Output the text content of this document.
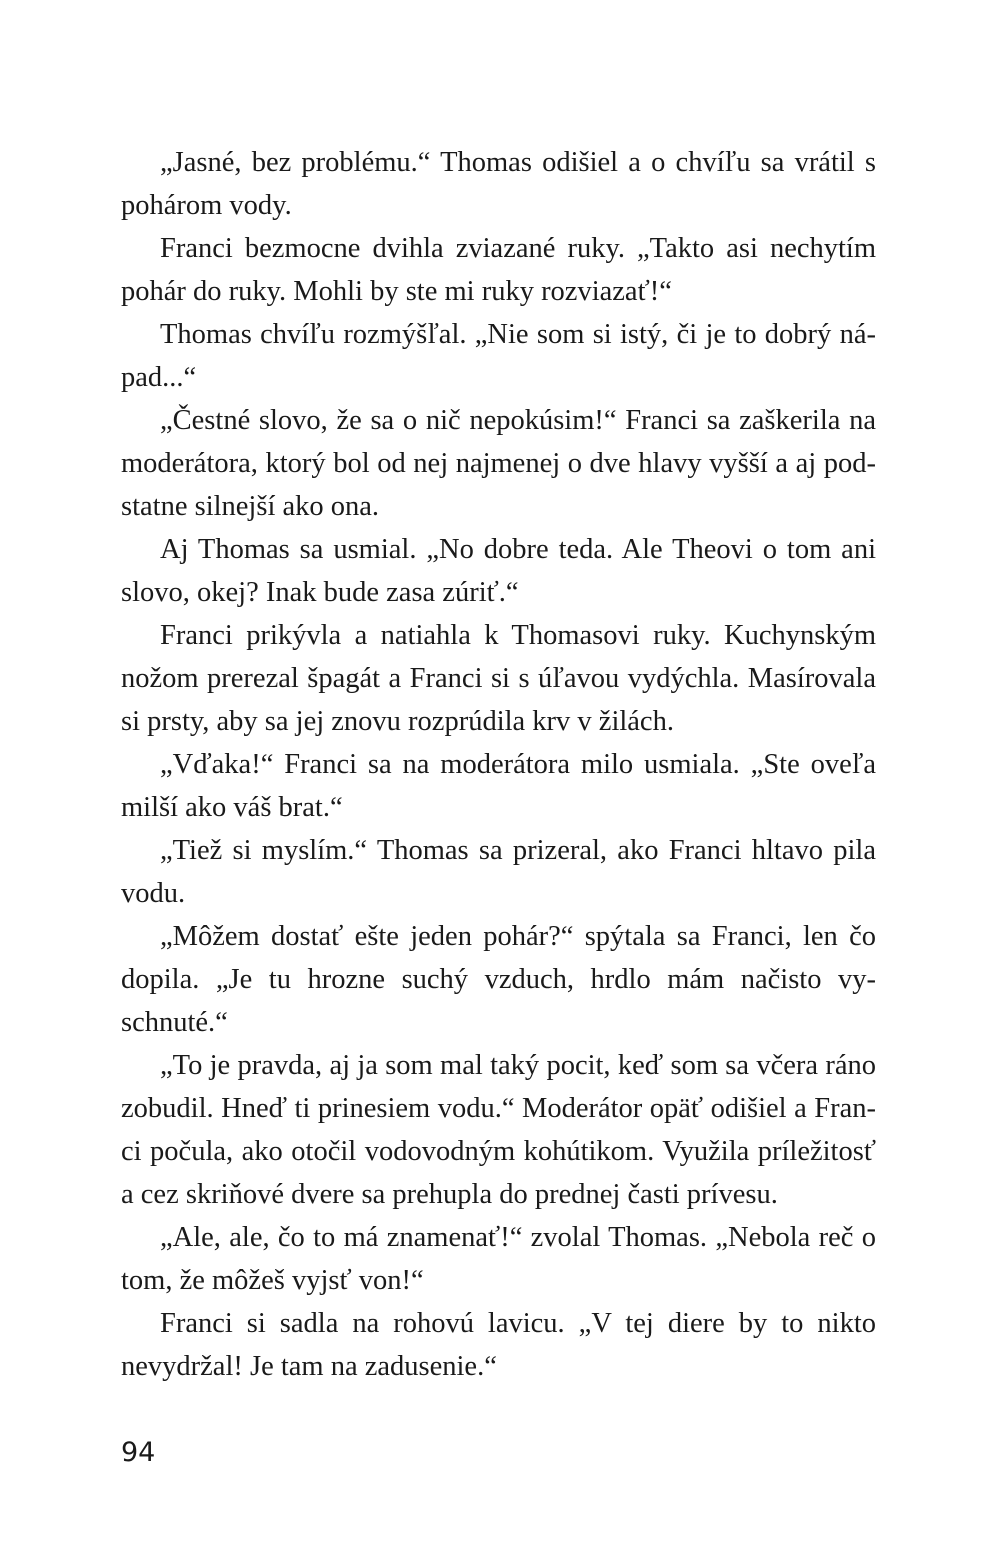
„Jasné, bez problému.“ Thomas odišiel a o chvíľu sa vrátil s pohárom vody.

Franci bezmocne dvihla zviazané ruky. „Takto asi nechytím pohár do ruky. Mohli by ste mi ruky rozviazať!“

Thomas chvíľu rozmýšľal. „Nie som si istý, či je to dobrý nápad...“

„Čestné slovo, že sa o nič nepokúsim!“ Franci sa zaškerila na moderátora, ktorý bol od nej najmenej o dve hlavy vyšší a aj podstatne silnejší ako ona.

Aj Thomas sa usmial. „No dobre teda. Ale Theovi o tom ani slovo, okej? Inak bude zasa zúriť.“

Franci prikývla a natiahla k Thomasovi ruky. Kuchynským nožom prerezal špagát a Franci si s úľavou vydýchla. Masírovala si prsty, aby sa jej znovu rozprúdila krv v žilách.

„Vďaka!“ Franci sa na moderátora milo usmiala. „Ste oveľa milší ako váš brat.“

„Tiež si myslím.“ Thomas sa prizeral, ako Franci hltavo pila vodu.

„Môžem dostať ešte jeden pohár?“ spýtala sa Franci, len čo dopila. „Je tu hrozne suchý vzduch, hrdlo mám načisto vyschnuté.“

„To je pravda, aj ja som mal taký pocit, keď som sa včera ráno zobudil. Hneď ti prinesiem vodu.“ Moderátor opäť odišiel a Franci počula, ako otočil vodovodným kohútikom. Využila príležitosť a cez skriňové dvere sa prehupla do prednej časti prívesu.

„Ale, ale, čo to má znamenať!“ zvolal Thomas. „Nebola reč o tom, že môžeš vyjsť von!“

Franci si sadla na rohovú lavicu. „V tej diere by to nikto nevydržal! Je tam na zadusenie.“

94
